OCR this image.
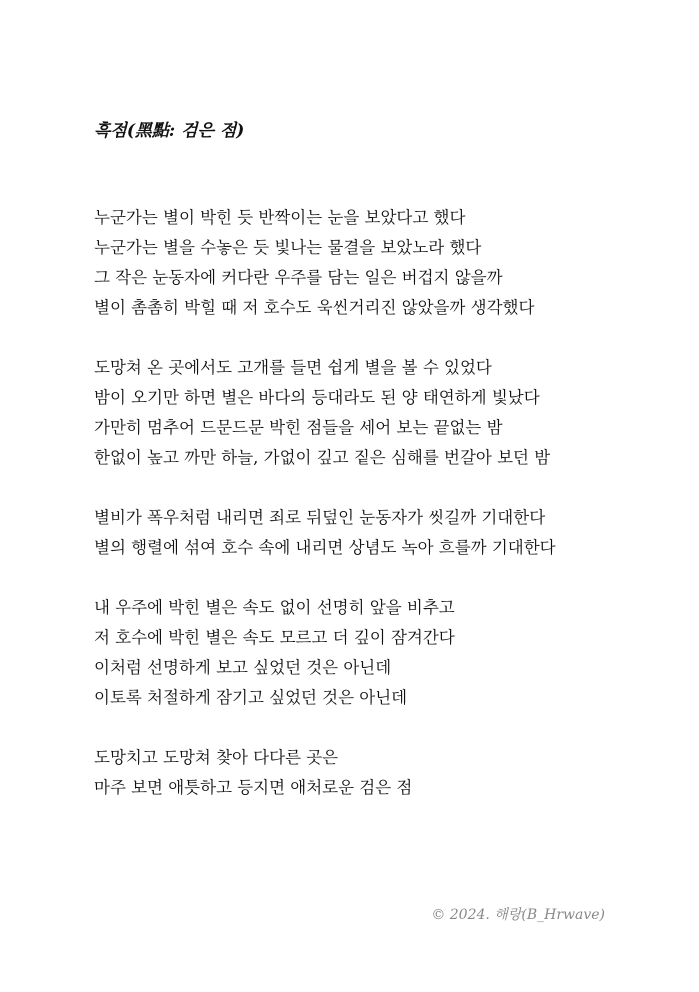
흑점(黑點: 검은 점)
누군가는 별이 박힌 듯 반짝이는 눈을 보았다고 했다
누군가는 별을 수놓은 듯 빛나는 물결을 보았노라 했다
그 작은 눈동자에 커다란 우주를 담는 일은 버겁지 않을까
별이 촘촘히 박힐 때 저 호수도 욱씬거리진 않았을까 생각했다
도망쳐 온 곳에서도 고개를 들면 쉽게 별을 볼 수 있었다
밤이 오기만 하면 별은 바다의 등대라도 된 양 태연하게 빛났다
가만히 멈추어 드문드문 박힌 점들을 세어 보는 끝없는 밤
한없이 높고 까만 하늘, 가없이 깊고 짙은 심해를 번갈아 보던 밤
별비가 폭우처럼 내리면 죄로 뒤덮인 눈동자가 씻길까 기대한다
별의 행렬에 섞여 호수 속에 내리면 상념도 녹아 흐를까 기대한다
내 우주에 박힌 별은 속도 없이 선명히 앞을 비추고
저 호수에 박힌 별은 속도 모르고 더 깊이 잠겨간다
이처럼 선명하게 보고 싶었던 것은 아닌데
이토록 처절하게 잠기고 싶었던 것은 아닌데
도망치고 도망쳐 찾아 다다른 곳은
마주 보면 애틋하고 등지면 애처로운 검은 점
© 2024. 해랑(B_Hrwave)
